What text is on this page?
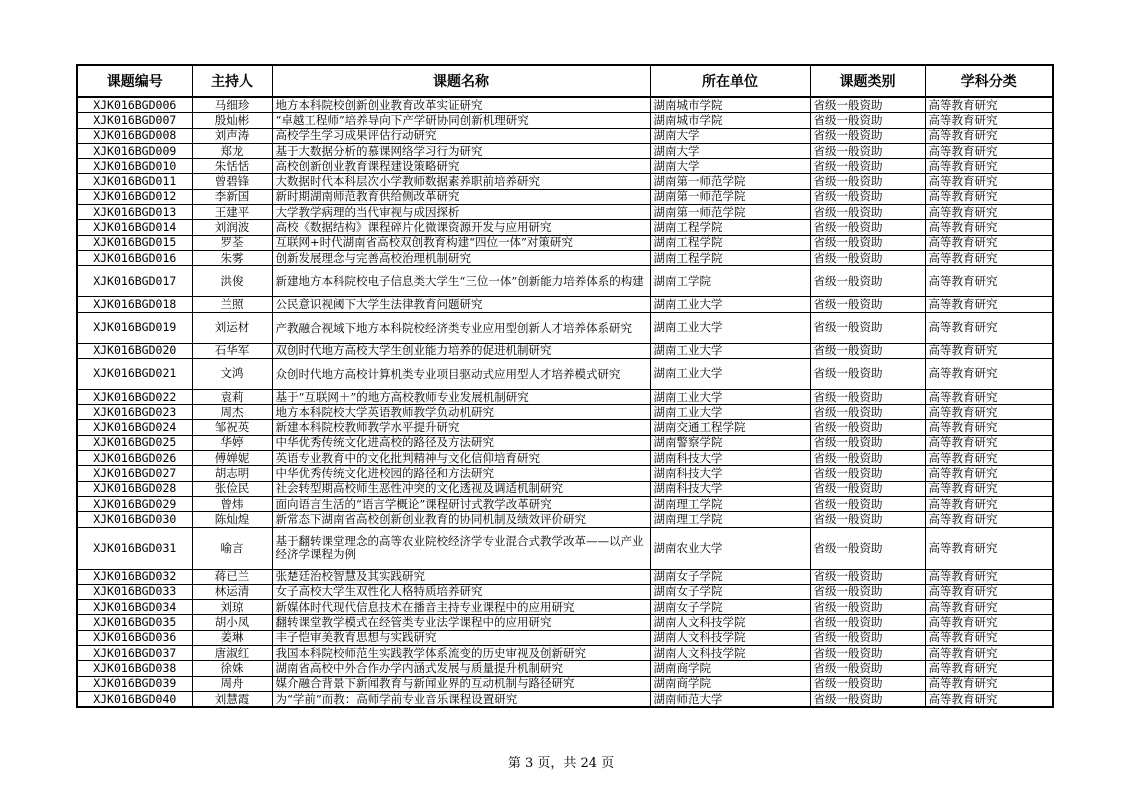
课题编号	主持人	课题名称	所在单位	课题类别	学科分类
XJK016BGD006	马细珍	地方本科院校创新创业教育改革实证研究	湖南城市学院	省级一般资助	高等教育研究
XJK016BGD007	殷灿彬	“卓越工程师”培养导向下产学研协同创新机理研究	湖南城市学院	省级一般资助	高等教育研究
XJK016BGD008	刘声涛	高校学生学习成果评估行动研究	湖南大学	省级一般资助	高等教育研究
XJK016BGD009	郑龙	基于大数据分析的慕课网络学习行为研究	湖南大学	省级一般资助	高等教育研究
XJK016BGD010	朱恬恬	高校创新创业教育课程建设策略研究	湖南大学	省级一般资助	高等教育研究
XJK016BGD011	曾碧锋	大数据时代本科层次小学教师数据素养职前培养研究	湖南第一师范学院	省级一般资助	高等教育研究
XJK016BGD012	李新国	新时期湖南师范教育供给侧改革研究	湖南第一师范学院	省级一般资助	高等教育研究
XJK016BGD013	王建平	大学教学病理的当代审视与成因探析	湖南第一师范学院	省级一般资助	高等教育研究
XJK016BGD014	刘润波	高校《数据结构》课程碎片化微课资源开发与应用研究	湖南工程学院	省级一般资助	高等教育研究
XJK016BGD015	罗荃	互联网+时代湖南省高校双创教育构建“四位一体”对策研究	湖南工程学院	省级一般资助	高等教育研究
XJK016BGD016	朱雾	创新发展理念与完善高校治理机制研究	湖南工程学院	省级一般资助	高等教育研究
XJK016BGD017	洪俊	新建地方本科院校电子信息类大学生“三位一体”创新能力培养体系的构建	湖南工学院	省级一般资助	高等教育研究
XJK016BGD018	兰照	公民意识视阈下大学生法律教育问题研究	湖南工业大学	省级一般资助	高等教育研究
XJK016BGD019	刘运材	产教融合视域下地方本科院校经济类专业应用型创新人才培养体系研究	湖南工业大学	省级一般资助	高等教育研究
XJK016BGD020	石华军	双创时代地方高校大学生创业能力培养的促进机制研究	湖南工业大学	省级一般资助	高等教育研究
XJK016BGD021	文鸿	众创时代地方高校计算机类专业项目驱动式应用型人才培养模式研究	湖南工业大学	省级一般资助	高等教育研究
XJK016BGD022	袁莉	基于“互联网＋”的地方高校教师专业发展机制研究	湖南工业大学	省级一般资助	高等教育研究
XJK016BGD023	周杰	地方本科院校大学英语教师教学负动机研究	湖南工业大学	省级一般资助	高等教育研究
XJK016BGD024	邹祝英	新建本科院校教师教学水平提升研究	湖南交通工程学院	省级一般资助	高等教育研究
XJK016BGD025	华婷	中华优秀传统文化进高校的路径及方法研究	湖南警察学院	省级一般资助	高等教育研究
XJK016BGD026	傅婵妮	英语专业教育中的文化批判精神与文化信仰培育研究	湖南科技大学	省级一般资助	高等教育研究
XJK016BGD027	胡志明	中华优秀传统文化进校园的路径和方法研究	湖南科技大学	省级一般资助	高等教育研究
XJK016BGD028	张俭民	社会转型期高校师生恶性冲突的文化透视及调适机制研究	湖南科技大学	省级一般资助	高等教育研究
XJK016BGD029	曾炜	面向语言生活的“语言学概论”课程研讨式教学改革研究	湖南理工学院	省级一般资助	高等教育研究
XJK016BGD030	陈灿煌	新常态下湖南省高校创新创业教育的协同机制及绩效评价研究	湖南理工学院	省级一般资助	高等教育研究
XJK016BGD031	喻言	基于翻转课堂理念的高等农业院校经济学专业混合式教学改革——以产业经济学课程为例	湖南农业大学	省级一般资助	高等教育研究
XJK016BGD032	蒋已兰	张楚廷治校智慧及其实践研究	湖南女子学院	省级一般资助	高等教育研究
XJK016BGD033	林运清	女子高校大学生双性化人格特质培养研究	湖南女子学院	省级一般资助	高等教育研究
XJK016BGD034	刘琼	新媒体时代现代信息技术在播音主持专业课程中的应用研究	湖南女子学院	省级一般资助	高等教育研究
XJK016BGD035	胡小凤	翻转课堂教学模式在经管类专业法学课程中的应用研究	湖南人文科技学院	省级一般资助	高等教育研究
XJK016BGD036	姜琳	丰子恺审美教育思想与实践研究	湖南人文科技学院	省级一般资助	高等教育研究
XJK016BGD037	唐淑红	我国本科院校师范生实践教学体系流变的历史审视及创新研究	湖南人文科技学院	省级一般资助	高等教育研究
XJK016BGD038	徐姝	湖南省高校中外合作办学内涵式发展与质量提升机制研究	湖南商学院	省级一般资助	高等教育研究
XJK016BGD039	周舟	媒介融合背景下新闻教育与新闻业界的互动机制与路径研究	湖南商学院	省级一般资助	高等教育研究
XJK016BGD040	刘慧霞	为“学前”而教：高师学前专业音乐课程设置研究	湖南师范大学	省级一般资助	高等教育研究
第 3 页，共 24 页
